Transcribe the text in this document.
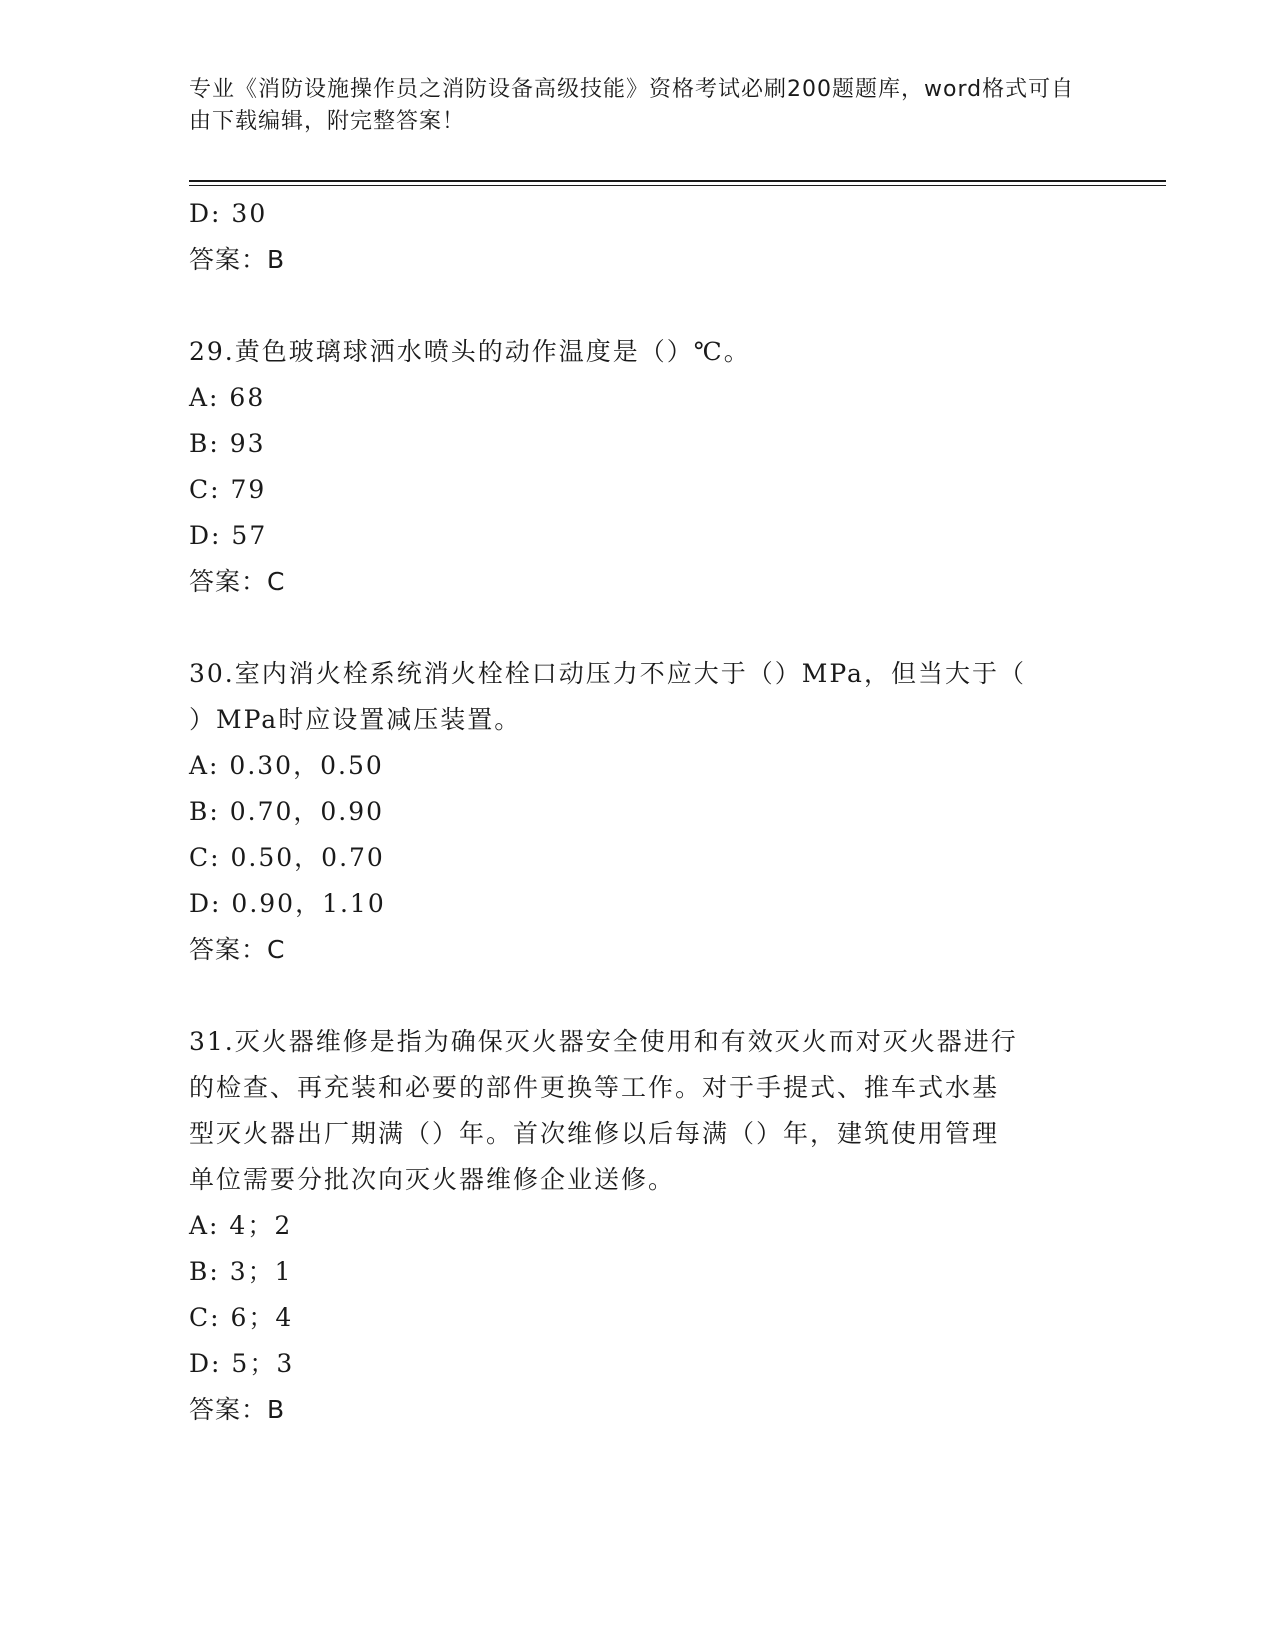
专业《消防设施操作员之消防设备高级技能》资格考试必刷200题题库，word格式可自由下载编辑，附完整答案！
D: 30
答案：B
29.黄色玻璃球洒水喷头的动作温度是（）℃。
A: 68
B: 93
C: 79
D: 57
答案：C
30.室内消火栓系统消火栓栓口动压力不应大于（）MPa，但当大于（
）MPa时应设置减压装置。
A: 0.30，0.50
B: 0.70，0.90
C: 0.50，0.70
D: 0.90，1.10
答案：C
31.灭火器维修是指为确保灭火器安全使用和有效灭火而对灭火器进行
的检查、再充装和必要的部件更换等工作。对于手提式、推车式水基
型灭火器出厂期满（）年。首次维修以后每满（）年，建筑使用管理
单位需要分批次向灭火器维修企业送修。
A: 4；2
B: 3；1
C: 6；4
D: 5；3
答案：B
